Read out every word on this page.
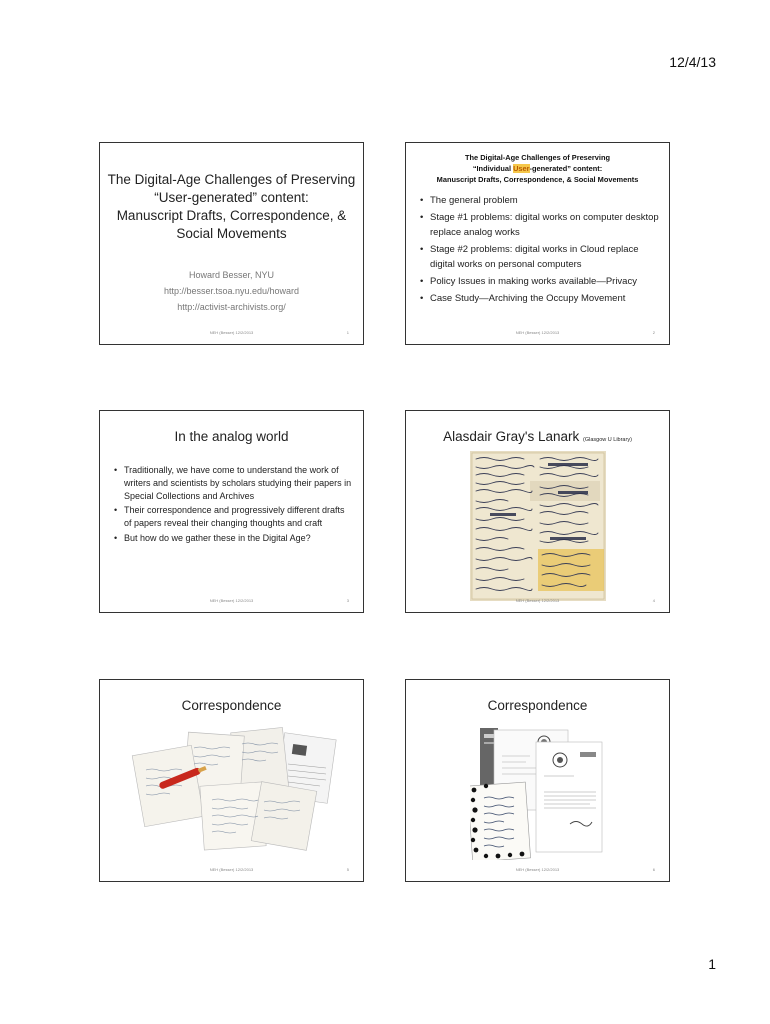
12/4/13
The Digital-Age Challenges of Preserving
“User-generated” content:
Manuscript Drafts, Correspondence, &
Social Movements
Howard Besser, NYU
http://besser.tsoa.nyu.edu/howard
http://activist-archivists.org/
NEH (Besser) 12/2/2013	1
The Digital-Age Challenges of Preserving
“Individual User-generated” content:
Manuscript Drafts, Correspondence, & Social Movements
• The general problem
• Stage #1 problems: digital works on computer desktop replace analog works
• Stage #2 problems: digital works in Cloud replace digital works on personal computers
• Policy Issues in making works available—Privacy
• Case Study—Archiving the Occupy Movement
NEH (Besser) 12/2/2013	2
In the analog world
• Traditionally, we have come to understand the work of writers and scientists by scholars studying their papers in Special Collections and Archives
• Their correspondence and progressively different drafts of papers reveal their changing thoughts and craft
• But how do we gather these in the Digital Age?
NEH (Besser) 12/2/2013	3
Alasdair Gray's Lanark (Glasgow U Library)
NEH (Besser) 12/2/2013	4
Correspondence
NEH (Besser) 12/2/2013	5
Correspondence
NEH (Besser) 12/2/2013	6
1
